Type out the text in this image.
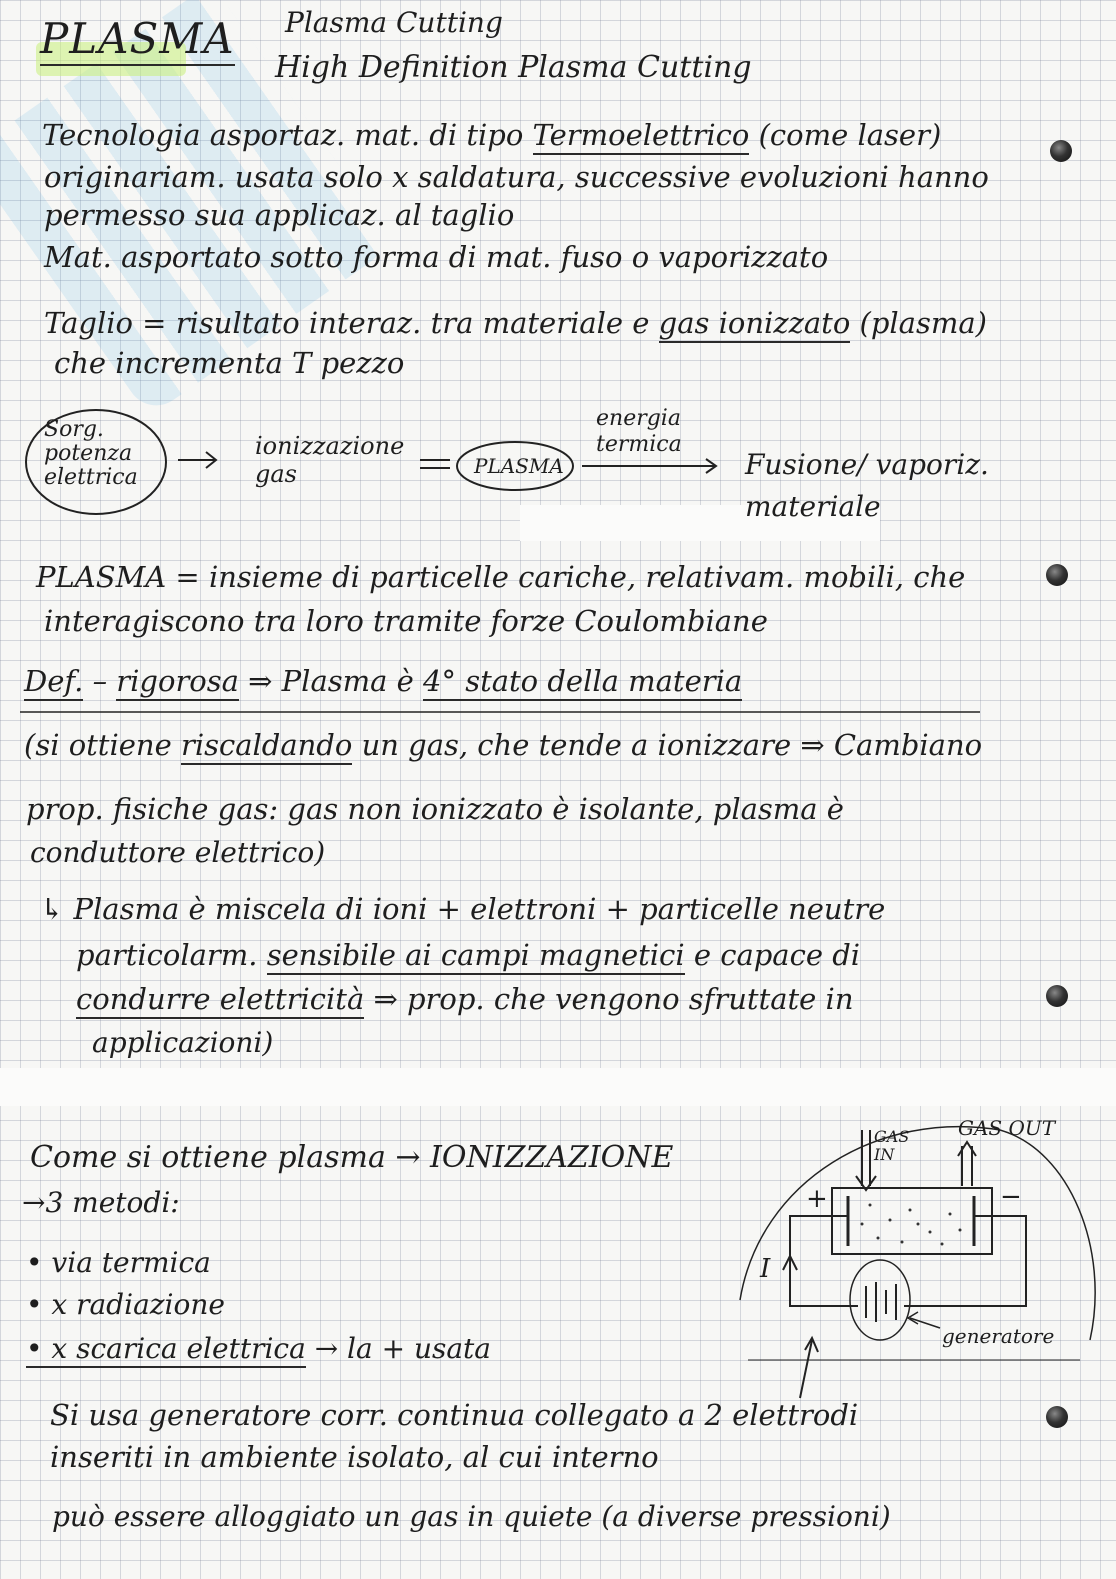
PLASMA Plasma Cutting
High Definition Plasma Cutting
Tecnologia asportaz. mat. di tipo Termoelettrico (come laser)
originariam. usata solo x saldatura, successive evoluzioni hanno
permesso sua applicaz. al taglio
Mat. asportato sotto forma di mat. fuso o vaporizzato
Taglio = risultato interaz. tra materiale e gas ionizzato (plasma)
che incrementa T pezzo
Sorg. potenza elettrica
ionizzazione gas	PLASMA
energia termica
Fusione/ vaporiz. materiale
PLASMA = insieme di particelle cariche, relativam. mobili, che
interagiscono tra loro tramite forze Coulombiane
Def. – rigorosa ⇒ Plasma è 4° stato della materia
(si ottiene riscaldando un gas, che tende a ionizzare ⇒ Cambiano
prop. fisiche gas: gas non ionizzato è isolante, plasma è
conduttore elettrico)
↳ Plasma è miscela di ioni + elettroni + particelle neutre
particolarm. sensibile ai campi magnetici e capace di
condurre elettricità ⇒ prop. che vengono sfruttate in
applicazioni)
Come si ottiene plasma → IONIZZAZIONE
→3 metodi:
• via termica
• x radiazione
• x scarica elettrica → la + usata
Si usa generatore corr. continua collegato a 2 elettrodi
inseriti in ambiente isolato, al cui interno
può essere alloggiato un gas in quiete (a diverse pressioni)
GAS IN
GAS OUT
+	−
I
generatore
